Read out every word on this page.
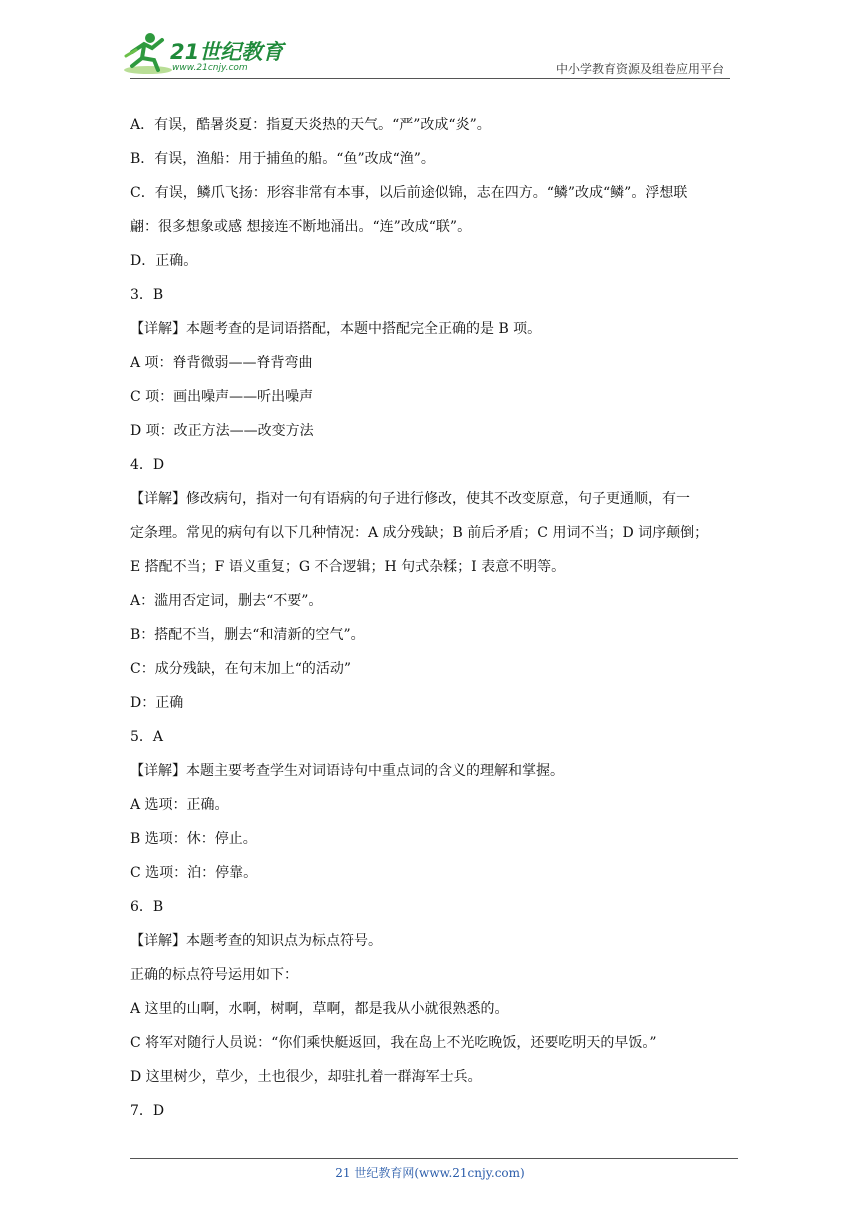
21世纪教育
www.21cnjy.com	中小学教育资源及组卷应用平台
A．有误，酷暑炎夏：指夏天炎热的天气。“严”改成“炎”。
B．有误，渔船：用于捕鱼的船。“鱼”改成“渔”。
C．有误，鳞爪飞扬：形容非常有本事，以后前途似锦，志在四方。“鳞”改成“鳞”。浮想联
翩：很多想象或感 想接连不断地涌出。“连”改成“联”。
D．正确。
3．B
【详解】本题考查的是词语搭配，本题中搭配完全正确的是 B 项。
A 项：脊背微弱——脊背弯曲
C 项：画出噪声——听出噪声
D 项：改正方法——改变方法
4．D
【详解】修改病句，指对一句有语病的句子进行修改，使其不改变原意，句子更通顺，有一
定条理。常见的病句有以下几种情况：A 成分残缺；B 前后矛盾；C 用词不当；D 词序颠倒；
E 搭配不当；F 语义重复；G 不合逻辑；H 句式杂糅；I 表意不明等。
A：滥用否定词，删去“不要”。
B：搭配不当，删去“和清新的空气”。
C：成分残缺，在句末加上“的活动”
D：正确
5．A
【详解】本题主要考查学生对词语诗句中重点词的含义的理解和掌握。
A 选项：正确。
B 选项：休：停止。
C 选项：泊：停靠。
6．B
【详解】本题考查的知识点为标点符号。
正确的标点符号运用如下：
A 这里的山啊，水啊，树啊，草啊，都是我从小就很熟悉的。
C 将军对随行人员说：“你们乘快艇返回，我在岛上不光吃晚饭，还要吃明天的早饭。”
D 这里树少，草少，土也很少，却驻扎着一群海军士兵。
7．D
21 世纪教育网(www.21cnjy.com)
